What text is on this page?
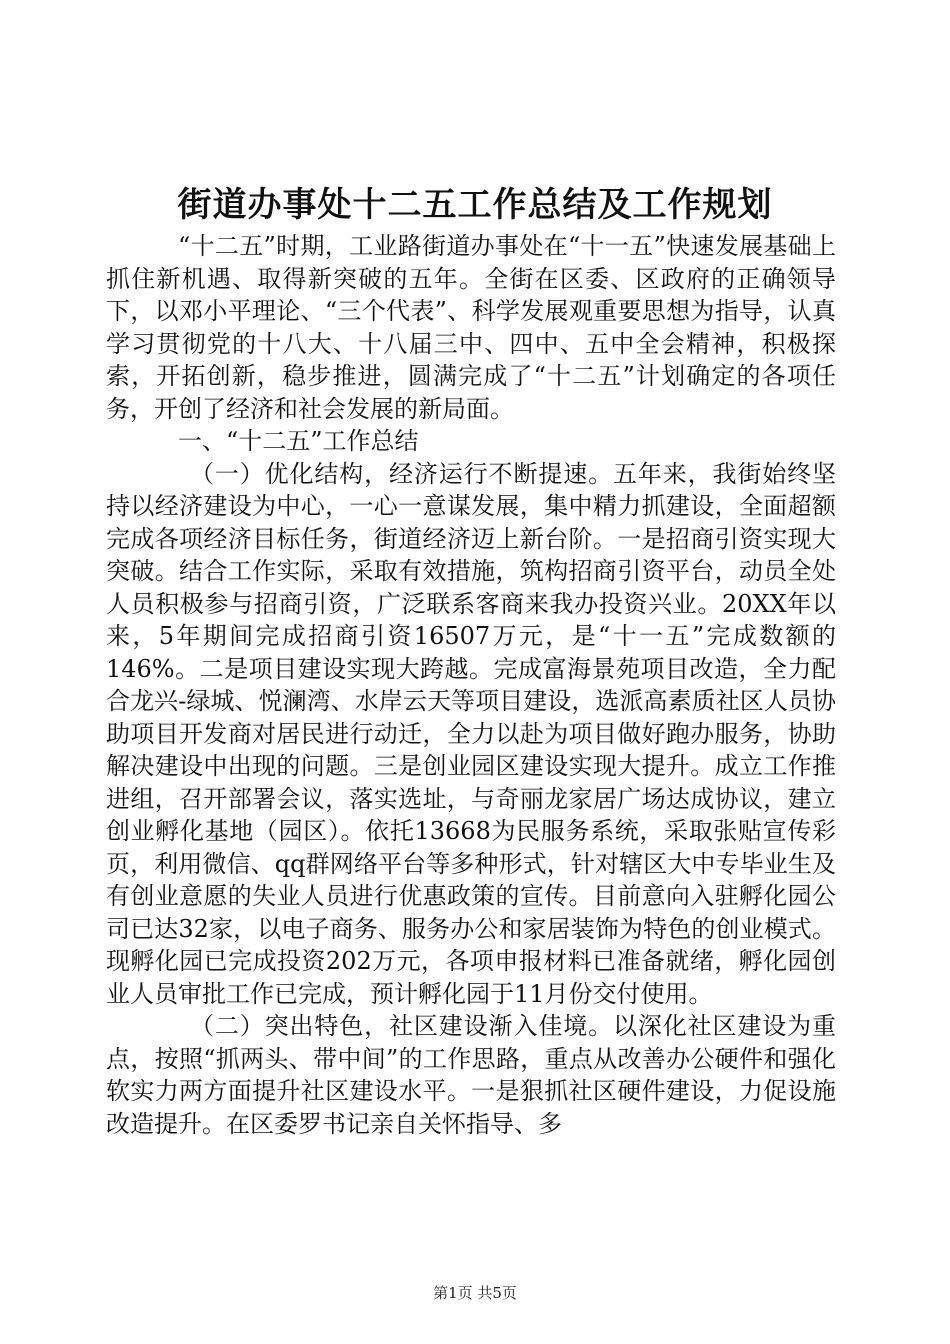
街道办事处十二五工作总结及工作规划

“十二五”时期，工业路街道办事处在“十一五”快速发展基础上抓住新机遇、取得新突破的五年。全街在区委、区政府的正确领导下，以邓小平理论、“三个代表”、科学发展观重要思想为指导，认真学习贯彻党的十八大、十八届三中、四中、五中全会精神，积极探索，开拓创新，稳步推进，圆满完成了“十二五”计划确定的各项任务，开创了经济和社会发展的新局面。

一、“十二五”工作总结

（一）优化结构，经济运行不断提速。五年来，我街始终坚持以经济建设为中心，一心一意谋发展，集中精力抓建设，全面超额完成各项经济目标任务，街道经济迈上新台阶。一是招商引资实现大突破。结合工作实际，采取有效措施，筑构招商引资平台，动员全处人员积极参与招商引资，广泛联系客商来我办投资兴业。20XX年以来，5年期间完成招商引资16507万元，是“十一五”完成数额的146%。二是项目建设实现大跨越。完成富海景苑项目改造，全力配合龙兴-绿城、悦澜湾、水岸云天等项目建设，选派高素质社区人员协助项目开发商对居民进行动迁，全力以赴为项目做好跑办服务，协助解决建设中出现的问题。三是创业园区建设实现大提升。成立工作推进组，召开部署会议，落实选址，与奇丽龙家居广场达成协议，建立创业孵化基地（园区）。依托13668为民服务系统，采取张贴宣传彩页，利用微信、qq群网络平台等多种形式，针对辖区大中专毕业生及有创业意愿的失业人员进行优惠政策的宣传。目前意向入驻孵化园公司已达32家，以电子商务、服务办公和家居装饰为特色的创业模式。现孵化园已完成投资202万元，各项申报材料已准备就绪，孵化园创业人员审批工作已完成，预计孵化园于11月份交付使用。

（二）突出特色，社区建设渐入佳境。以深化社区建设为重点，按照“抓两头、带中间”的工作思路，重点从改善办公硬件和强化软实力两方面提升社区建设水平。一是狠抓社区硬件建设，力促设施改造提升。在区委罗书记亲自关怀指导、多

第1页 共5页
